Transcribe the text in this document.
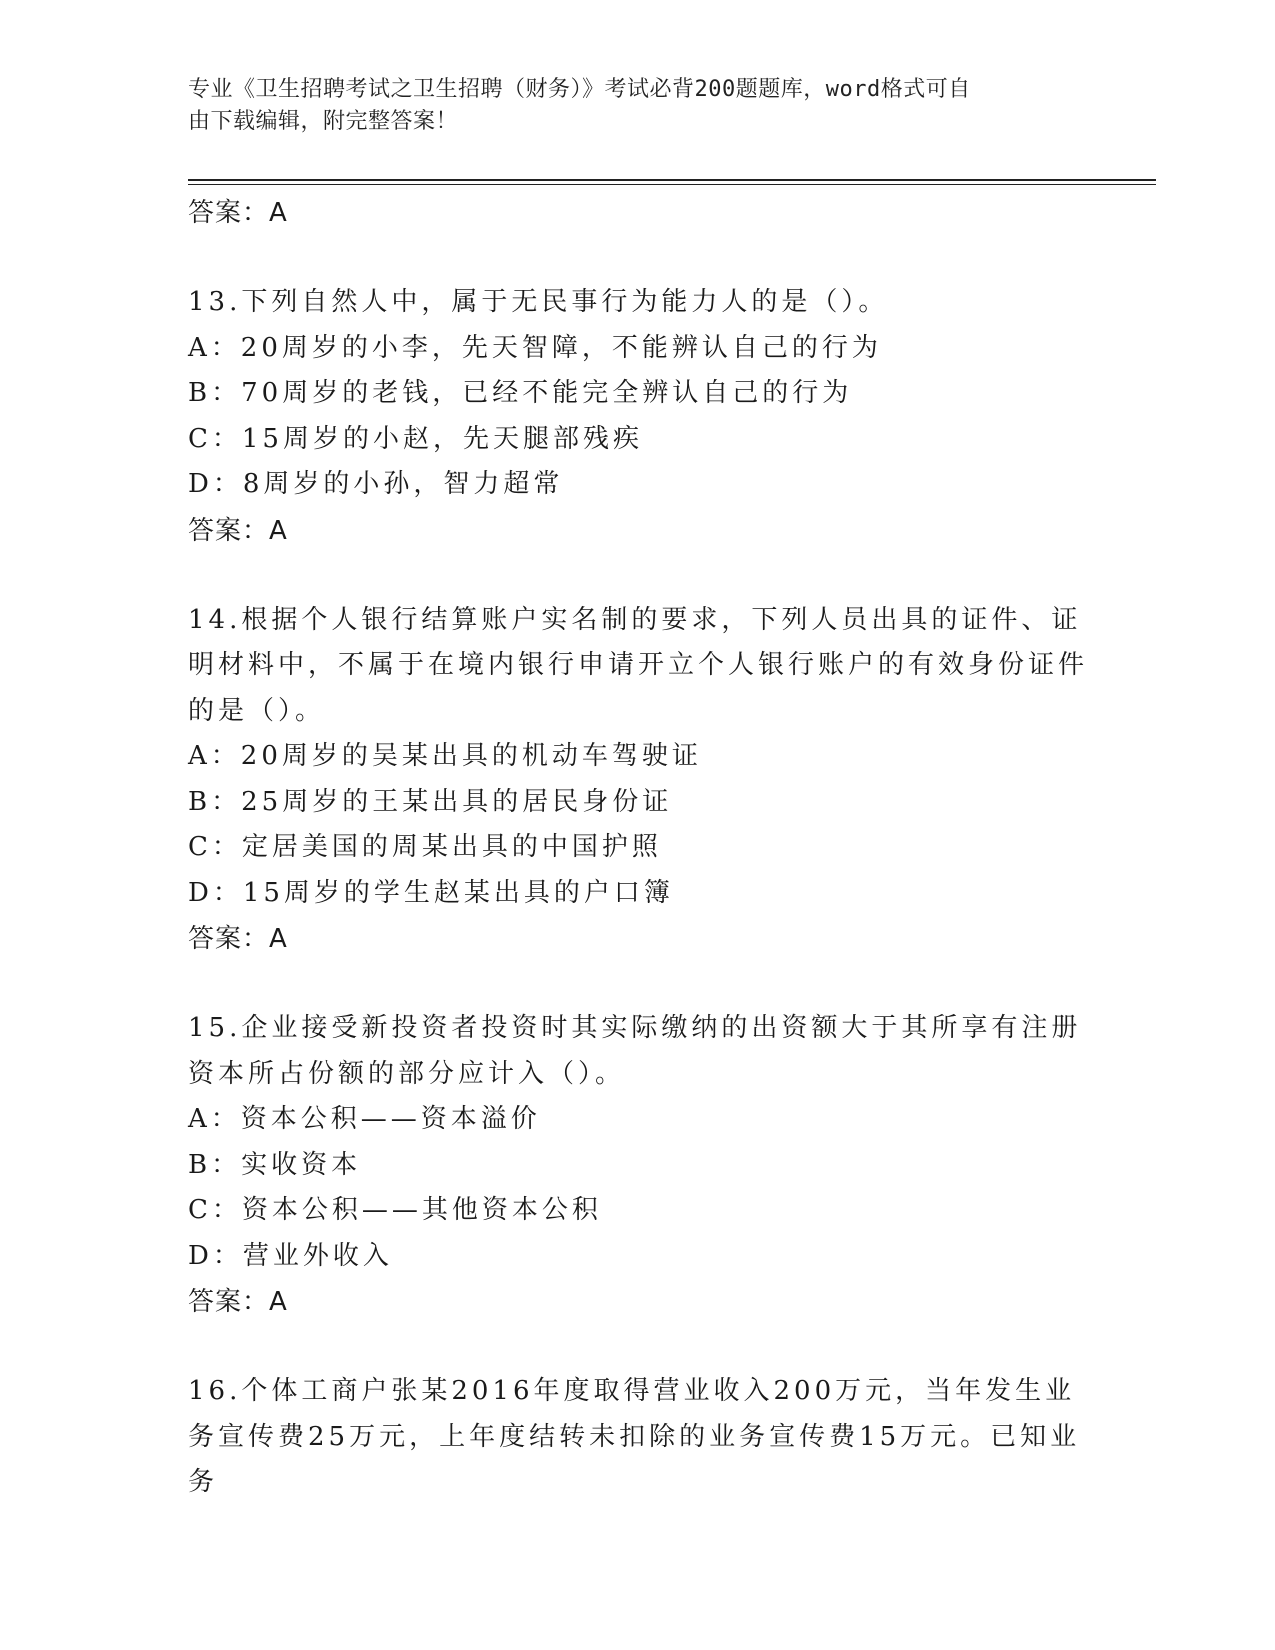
专业《卫生招聘考试之卫生招聘（财务）》考试必背200题题库，word格式可自
由下载编辑，附完整答案！
答案：A

13.下列自然人中，属于无民事行为能力人的是（）。

A：20周岁的小李，先天智障，不能辨认自己的行为

B：70周岁的老钱，已经不能完全辨认自己的行为

C：15周岁的小赵，先天腿部残疾

D：8周岁的小孙，智力超常

答案：A

14.根据个人银行结算账户实名制的要求，下列人员出具的证件、证明材料中，不属于在境内银行申请开立个人银行账户的有效身份证件的是（）。

A：20周岁的吴某出具的机动车驾驶证

B：25周岁的王某出具的居民身份证

C：定居美国的周某出具的中国护照

D：15周岁的学生赵某出具的户口簿

答案：A

15.企业接受新投资者投资时其实际缴纳的出资额大于其所享有注册资本所占份额的部分应计入（）。

A：资本公积——资本溢价

B：实收资本

C：资本公积——其他资本公积

D：营业外收入

答案：A

16.个体工商户张某2016年度取得营业收入200万元，当年发生业务宣传费25万元，上年度结转未扣除的业务宣传费15万元。已知业务
